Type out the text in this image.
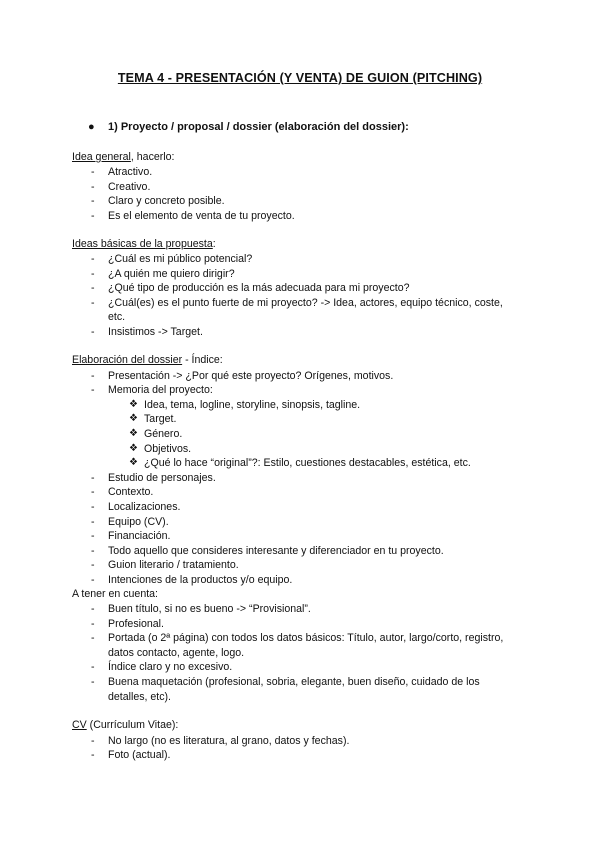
TEMA 4 - PRESENTACIÓN (Y VENTA) DE GUION (PITCHING)
● 1) Proyecto / proposal / dossier (elaboración del dossier):
Idea general, hacerlo:
- Atractivo.
- Creativo.
- Claro y concreto posible.
- Es el elemento de venta de tu proyecto.
Ideas básicas de la propuesta:
- ¿Cuál es mi público potencial?
- ¿A quién me quiero dirigir?
- ¿Qué tipo de producción es la más adecuada para mi proyecto?
- ¿Cuál(es) es el punto fuerte de mi proyecto? -> Idea, actores, equipo técnico, coste,
etc.
- Insistimos -> Target.
Elaboración del dossier - Índice:
- Presentación -> ¿Por qué este proyecto? Orígenes, motivos.
- Memoria del proyecto:
❖ Idea, tema, logline, storyline, sinopsis, tagline.
❖ Target.
❖ Género.
❖ Objetivos.
❖ ¿Qué lo hace “original”?: Estilo, cuestiones destacables, estética, etc.
- Estudio de personajes.
- Contexto.
- Localizaciones.
- Equipo (CV).
- Financiación.
- Todo aquello que consideres interesante y diferenciador en tu proyecto.
- Guion literario / tratamiento.
- Intenciones de la productos y/o equipo.
A tener en cuenta:
- Buen título, si no es bueno -> “Provisional”.
- Profesional.
- Portada (o 2ª página) con todos los datos básicos: Título, autor, largo/corto, registro,
datos contacto, agente, logo.
- Índice claro y no excesivo.
- Buena maquetación (profesional, sobria, elegante, buen diseño, cuidado de los
detalles, etc).
CV (Currículum Vitae):
- No largo (no es literatura, al grano, datos y fechas).
- Foto (actual).
